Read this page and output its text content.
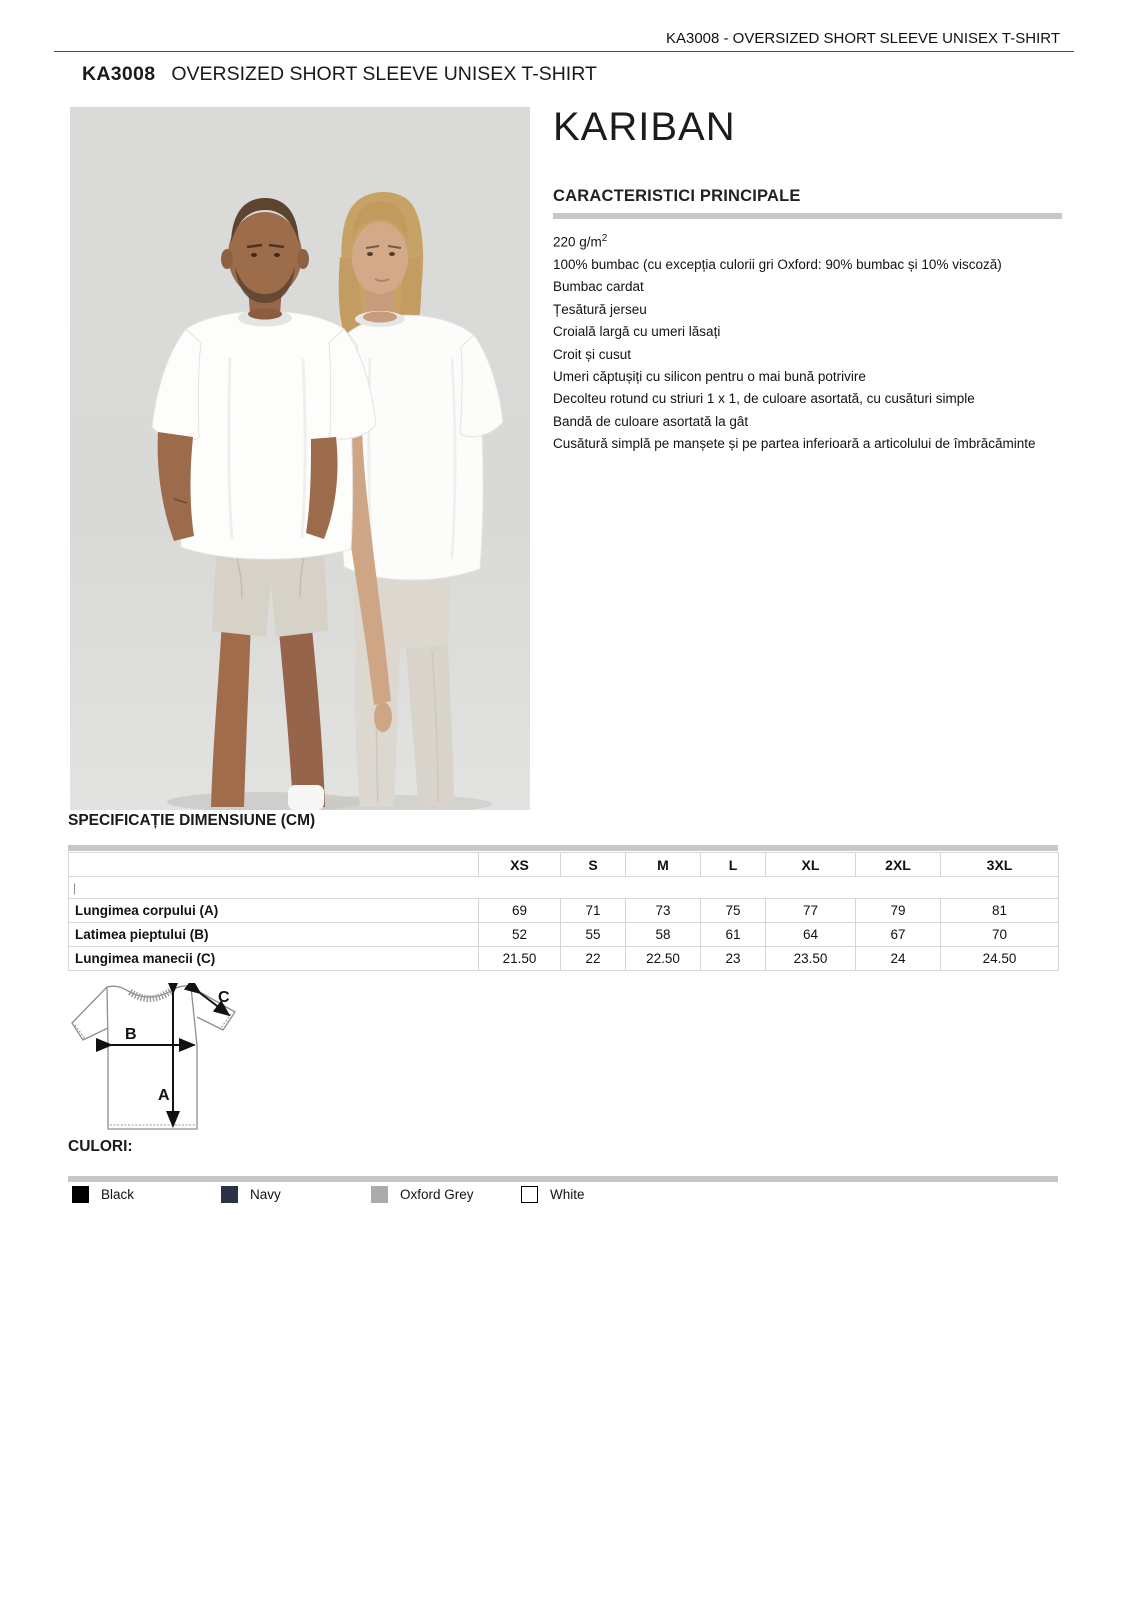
KA3008 - OVERSIZED SHORT SLEEVE UNISEX T-SHIRT
KA3008 OVERSIZED SHORT SLEEVE UNISEX T-SHIRT
KARIBAN
CARACTERISTICI PRINCIPALE
220 $g/m^2$
100% bumbac (cu excepția culorii gri Oxford: 90% bumbac și 10% viscoză)
Bumbac cardat
Țesătură jerseu
Croială largă cu umeri lăsați
Croit și cusut
Umeri căptușiți cu silicon pentru o mai bună potrivire
Decolteu rotund cu striuri 1 x 1, de culoare asortată, cu cusături simple
Bandă de culoare asortată la gât
Cusătură simplă pe manșete și pe partea inferioară a articolului de îmbrăcăminte
SPECIFICAȚIE DIMENSIUNE (CM)
	XS	S	M	L	XL	2XL	3XL
|							
Lungimea corpului (A)	69	71	73	75	77	79	81
Latimea pieptului (B)	52	55	58	61	64	67	70
Lungimea manecii (C)	21.50	22	22.50	23	23.50	24	24.50
A
B
C
CULORI:
Black	Navy	Oxford Grey	White
